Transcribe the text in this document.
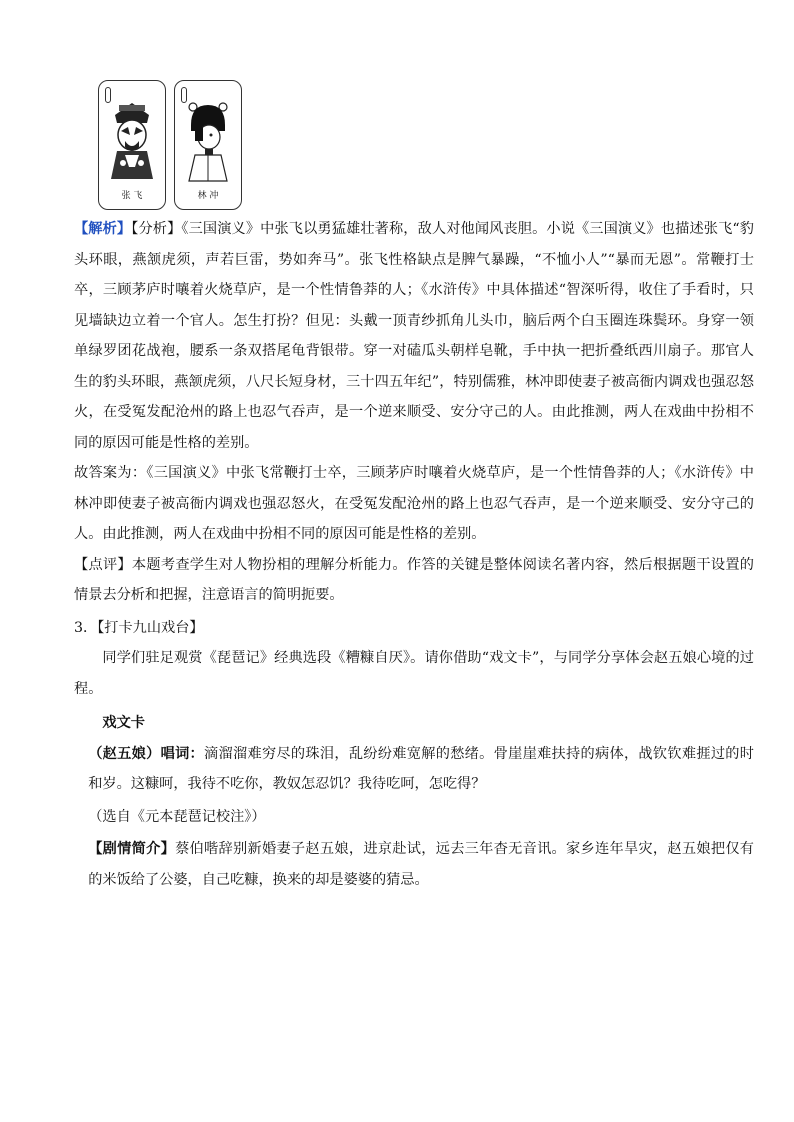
张 飞	林 冲

【解析】【分析】《三国演义》中张飞以勇猛雄壮著称，敌人对他闻风丧胆。小说《三国演义》也描述张飞“豹头环眼，燕颔虎须，声若巨雷，势如奔马”。张飞性格缺点是脾气暴躁，“不恤小人”“暴而无恩”。常鞭打士卒，三顾茅庐时嚷着火烧草庐，是一个性情鲁莽的人；《水浒传》中具体描述“智深听得，收住了手看时，只见墙缺边立着一个官人。怎生打扮？但见：头戴一顶青纱抓角儿头巾，脑后两个白玉圈连珠鬓环。身穿一领单绿罗团花战袍，腰系一条双搭尾龟背银带。穿一对磕瓜头朝样皂靴，手中执一把折叠纸西川扇子。那官人生的豹头环眼，燕颔虎须，八尺长短身材，三十四五年纪”，特别儒雅，林冲即使妻子被高衙内调戏也强忍怒火，在受冤发配沧州的路上也忍气吞声，是一个逆来顺受、安分守己的人。由此推测，两人在戏曲中扮相不同的原因可能是性格的差别。

故答案为：《三国演义》中张飞常鞭打士卒，三顾茅庐时嚷着火烧草庐，是一个性情鲁莽的人；《水浒传》中林冲即使妻子被高衙内调戏也强忍怒火，在受冤发配沧州的路上也忍气吞声，是一个逆来顺受、安分守己的人。由此推测，两人在戏曲中扮相不同的原因可能是性格的差别。

【点评】本题考查学生对人物扮相的理解分析能力。作答的关键是整体阅读名著内容，然后根据题干设置的情景去分析和把握，注意语言的简明扼要。

3．【打卡九山戏台】

同学们驻足观赏《琵琶记》经典选段《糟糠自厌》。请你借助“戏文卡”，与同学分享体会赵五娘心境的过程。

戏文卡

（赵五娘）唱词：滴溜溜难穷尽的珠泪，乱纷纷难宽解的愁绪。骨崖崖难扶持的病体，战钦钦难捱过的时和岁。这糠呵，我待不吃你，教奴怎忍饥？我待吃呵，怎吃得？

（选自《元本琵琶记校注》）

【剧情简介】蔡伯喈辞别新婚妻子赵五娘，进京赴试，远去三年杳无音讯。家乡连年旱灾，赵五娘把仅有的米饭给了公婆，自己吃糠，换来的却是婆婆的猜忌。
